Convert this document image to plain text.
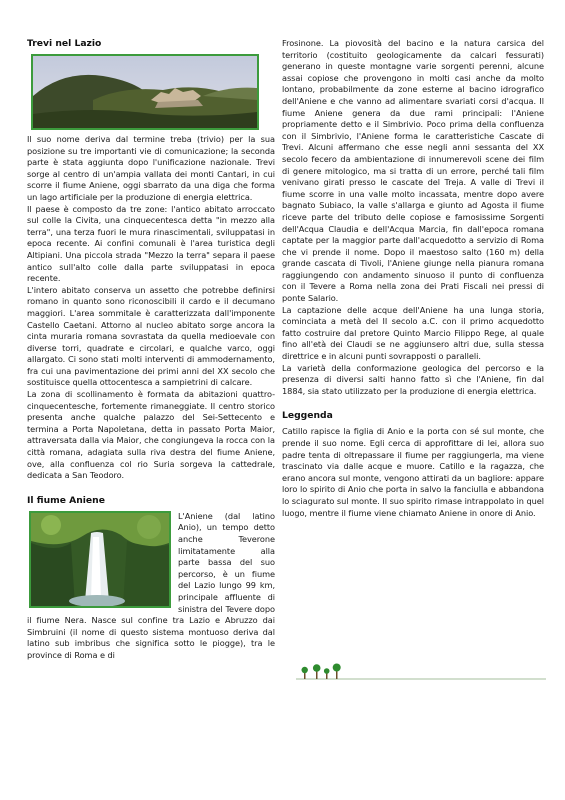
Trevi nel Lazio

Il suo nome deriva dal termine treba (trivio) per la sua posizione su tre importanti vie di comunicazione; la seconda parte è stata aggiunta dopo l'unificazione nazionale. Trevi sorge al centro di un'ampia vallata dei monti Cantari, in cui scorre il fiume Aniene, oggi sbarrato da una diga che forma un lago artificiale per la produzione di energia elettrica.

Il paese è composto da tre zone: l'antico abitato arroccato sul colle la Civita, una cinquecentesca detta "in mezzo alla terra", una terza fuori le mura rinascimentali, sviluppatasi in epoca recente. Ai confini comunali è l'area turistica degli Altipiani. Una piccola strada "Mezzo la terra" separa il paese antico sull'alto colle dalla parte sviluppatasi in epoca recente.

L'intero abitato conserva un assetto che potrebbe definirsi romano in quanto sono riconoscibili il cardo e il decumano maggiori. L'area sommitale è caratterizzata dall'imponente Castello Caetani. Attorno al nucleo abitato sorge ancora la cinta muraria romana sovrastata da quella medioevale con diverse torri, quadrate e circolari, e qualche varco, oggi allargato. Ci sono stati molti interventi di ammodernamento, fra cui una pavimentazione dei primi anni del XX secolo che sostituisce quella ottocentesca a sampietrini di calcare.

La zona di scollinamento è formata da abitazioni quattro-cinquecentesche, fortemente rimaneggiate. Il centro storico presenta anche qualche palazzo del Sei-Settecento e termina a Porta Napoletana, detta in passato Porta Maior, attraversata dalla via Maior, che congiungeva la rocca con la città romana, adagiata sulla riva destra del fiume Aniene, ove, alla confluenza col rio Suria sorgeva la cattedrale, dedicata a San Teodoro.

Il fiume Aniene

L'Aniene (dal latino Anio), un tempo detto anche Teverone limitatamente alla parte bassa del suo percorso, è un fiume del Lazio lungo 99 km, principale affluente di sinistra del Tevere dopo il fiume Nera. Nasce sul confine tra Lazio e Abruzzo dai Simbruini (il nome di questo sistema montuoso deriva dal latino sub imbribus che significa sotto le piogge), tra le province di Roma e di

Frosinone. La piovosità del bacino e la natura carsica del territorio (costituito geologicamente da calcari fessurati) generano in queste montagne varie sorgenti perenni, alcune assai copiose che provengono in molti casi anche da molto lontano, probabilmente da zone esterne al bacino idrografico dell'Aniene e che vanno ad alimentare svariati corsi d'acqua. Il fiume Aniene genera da due rami principali: l'Aniene propriamente detto e il Simbrivio. Poco prima della confluenza con il Simbrivio, l'Aniene forma le caratteristiche Cascate di Trevi. Alcuni affermano che esse negli anni sessanta del XX secolo fecero da ambientazione di innumerevoli scene dei film di genere mitologico, ma si tratta di un errore, perché tali film venivano girati presso le cascate del Treja. A valle di Trevi il fiume scorre in una valle molto incassata, mentre dopo avere bagnato Subiaco, la valle s'allarga e giunto ad Agosta il fiume riceve parte del tributo delle copiose e famosissime Sorgenti dell'Acqua Claudia e dell'Acqua Marcia, fin dall'epoca romana captate per la maggior parte dall'acquedotto a servizio di Roma che vi prende il nome. Dopo il maestoso salto (160 m) della grande cascata di Tivoli, l'Aniene giunge nella pianura romana raggiungendo con andamento sinuoso il punto di confluenza con il Tevere a Roma nella zona dei Prati Fiscali nei pressi di ponte Salario.

La captazione delle acque dell'Aniene ha una lunga storia, cominciata a metà del II secolo a.C. con il primo acquedotto fatto costruire dal pretore Quinto Marcio Filippo Rege, al quale fino all'età dei Claudi se ne aggiunsero altri due, sulla stessa direttrice e in alcuni punti sovrapposti o paralleli.

La varietà della conformazione geologica del percorso e la presenza di diversi salti hanno fatto sì che l'Aniene, fin dal 1884, sia stato utilizzato per la produzione di energia elettrica.

Leggenda

Catillo rapisce la figlia di Anio e la porta con sé sul monte, che prende il suo nome. Egli cerca di approfittare di lei, allora suo padre tenta di oltrepassare il fiume per raggiungerla, ma viene trascinato via dalle acque e muore. Catillo e la ragazza, che erano ancora sul monte, vengono attirati da un bagliore: appare loro lo spirito di Anio che porta in salvo la fanciulla e abbandona lo sciagurato sul monte. Il suo spirito rimase intrappolato in quel luogo, mentre il fiume viene chiamato Aniene in onore di Anio.
